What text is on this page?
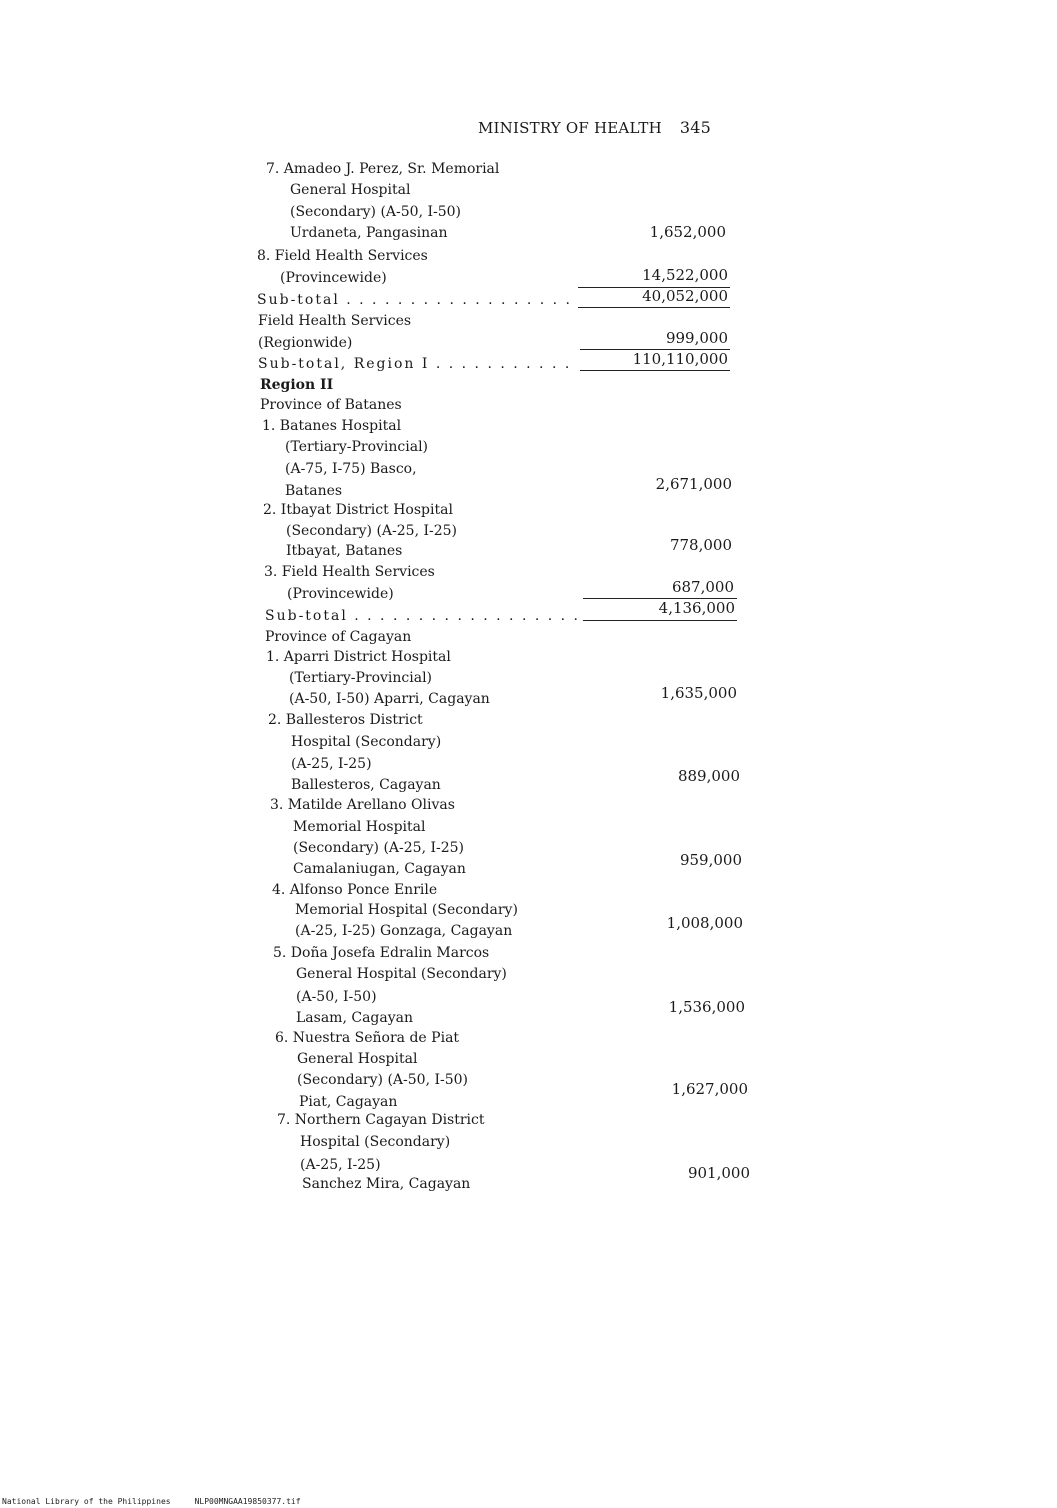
MINISTRY OF HEALTH 345
7. Amadeo J. Perez, Sr. Memorial
General Hospital
(Secondary) (A-50, I-50)
Urdaneta, Pangasinan
8. Field Health Services
(Provincewide)
Sub-total . . . . . . . . . . . . . . . . . .
Field Health Services
(Regionwide)
Sub-total, Region I . . . . . . . . . . .
Region II
Province of Batanes
1. Batanes Hospital
(Tertiary-Provincial)
(A-75, I-75) Basco,
Batanes
2. Itbayat District Hospital
(Secondary) (A-25, I-25)
Itbayat, Batanes
3. Field Health Services
(Provincewide)
Sub-total . . . . . . . . . . . . . . . . . .
Province of Cagayan
1. Aparri District Hospital
(Tertiary-Provincial)
(A-50, I-50) Aparri, Cagayan
2. Ballesteros District
Hospital (Secondary)
(A-25, I-25)
Ballesteros, Cagayan
3. Matilde Arellano Olivas
Memorial Hospital
(Secondary) (A-25, I-25)
Camalaniugan, Cagayan
4. Alfonso Ponce Enrile
Memorial Hospital (Secondary)
(A-25, I-25) Gonzaga, Cagayan
5. Doña Josefa Edralin Marcos
General Hospital (Secondary)
(A-50, I-50)
Lasam, Cagayan
6. Nuestra Señora de Piat
General Hospital
(Secondary) (A-50, I-50)
Piat, Cagayan
7. Northern Cagayan District
Hospital (Secondary)
(A-25, I-25)
Sanchez Mira, Cagayan
1,652,000
14,522,000
40,052,000
999,000
110,110,000
2,671,000
778,000
687,000
4,136,000
1,635,000
889,000
959,000
1,008,000
1,536,000
1,627,000
901,000
National Library of the Philippines	NLP00MNGAA19850377.tif
